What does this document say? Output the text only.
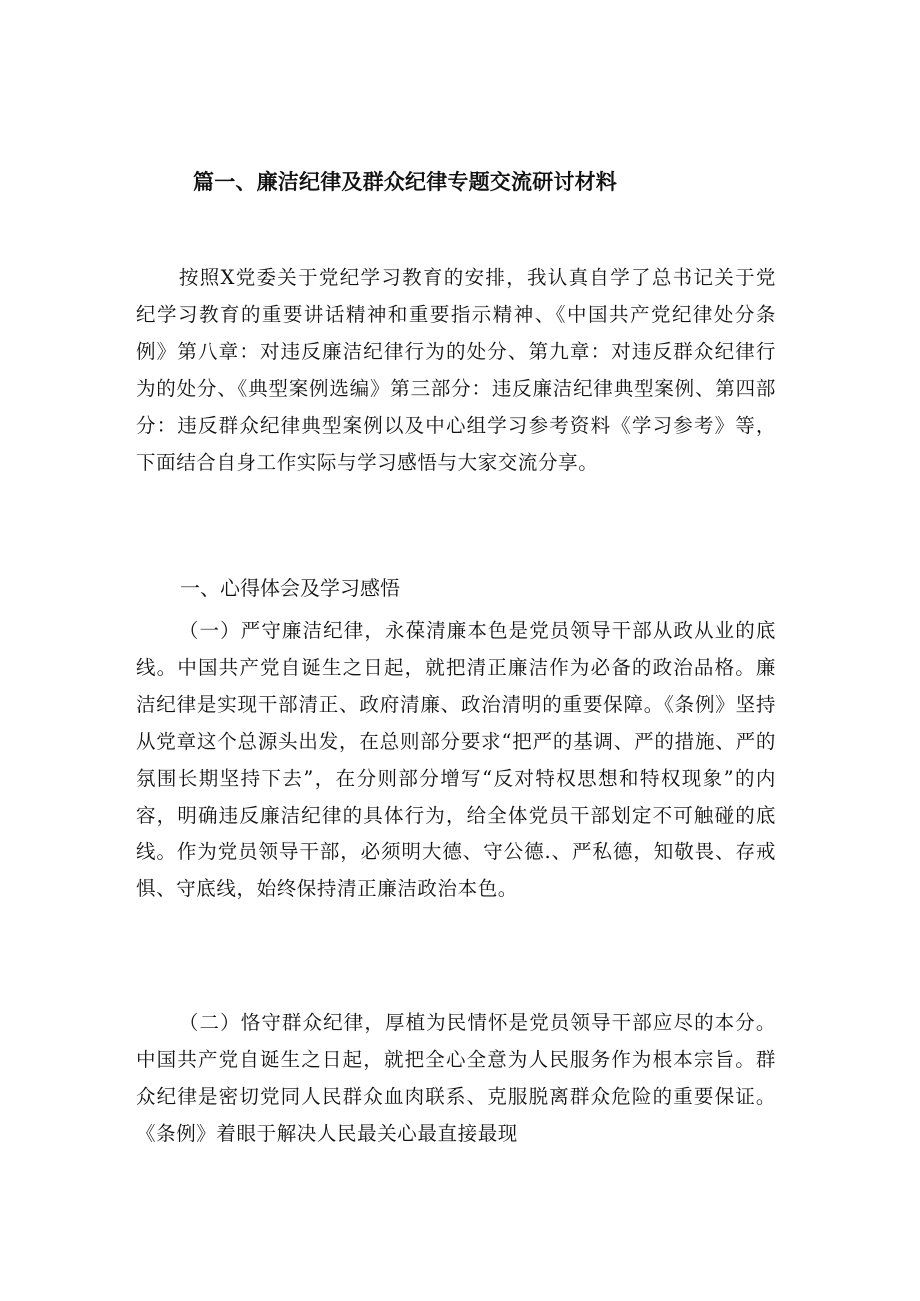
篇一、廉洁纪律及群众纪律专题交流研讨材料

按照X党委关于党纪学习教育的安排，我认真自学了总书记关于党纪学习教育的重要讲话精神和重要指示精神、《中国共产党纪律处分条例》第八章：对违反廉洁纪律行为的处分、第九章：对违反群众纪律行为的处分、《典型案例选编》第三部分：违反廉洁纪律典型案例、第四部分：违反群众纪律典型案例以及中心组学习参考资料《学习参考》等，下面结合自身工作实际与学习感悟与大家交流分享。

一、心得体会及学习感悟

（一）严守廉洁纪律，永葆清廉本色是党员领导干部从政从业的底线。中国共产党自诞生之日起，就把清正廉洁作为必备的政治品格。廉洁纪律是实现干部清正、政府清廉、政治清明的重要保障。《条例》坚持从党章这个总源头出发，在总则部分要求“把严的基调、严的措施、严的氛围长期坚持下去”，在分则部分增写“反对特权思想和特权现象”的内容，明确违反廉洁纪律的具体行为，给全体党员干部划定不可触碰的底线。作为党员领导干部，必须明大德、守公德.、严私德，知敬畏、存戒惧、守底线，始终保持清正廉洁政治本色。

（二）恪守群众纪律，厚植为民情怀是党员领导干部应尽的本分。中国共产党自诞生之日起，就把全心全意为人民服务作为根本宗旨。群众纪律是密切党同人民群众血肉联系、克服脱离群众危险的重要保证。《条例》着眼于解决人民最关心最直接最现
